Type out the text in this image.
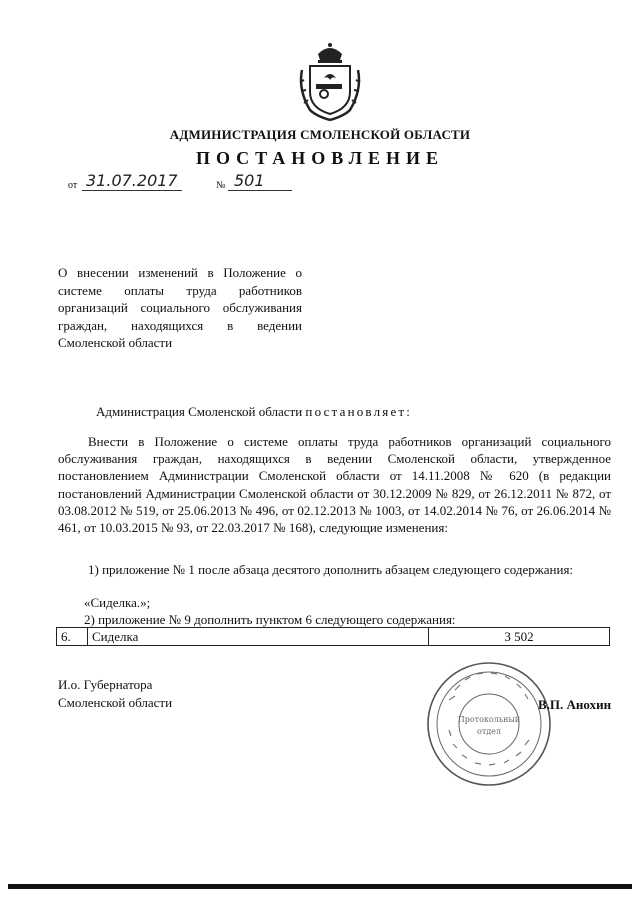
АДМИНИСТРАЦИЯ СМОЛЕНСКОЙ ОБЛАСТИ
ПОСТАНОВЛЕНИЕ
от 31.07.2017	№ 501
О внесении изменений в Положение о системе оплаты труда работников организаций социального обслуживания граждан, находящихся в ведении Смоленской области
Администрация Смоленской области постановляет:
Внести в Положение о системе оплаты труда работников организаций социального обслуживания граждан, находящихся в ведении Смоленской области, утвержденное постановлением Администрации Смоленской области от 14.11.2008 № 620 (в редакции постановлений Администрации Смоленской области от 30.12.2009 № 829, от 26.12.2011 № 872, от 03.08.2012 № 519, от 25.06.2013 № 496, от 02.12.2013 № 1003, от 14.02.2014 № 76, от 26.06.2014 № 461, от 10.03.2015 № 93, от 22.03.2017 № 168), следующие изменения:
1) приложение № 1 после абзаца десятого дополнить абзацем следующего содержания:
«Сиделка.»;
2) приложение № 9 дополнить пунктом 6 следующего содержания:
6.	Сиделка	3 502
И.о. Губернатора
Смоленской области
Протокольный
отдел
В.П. Анохин
